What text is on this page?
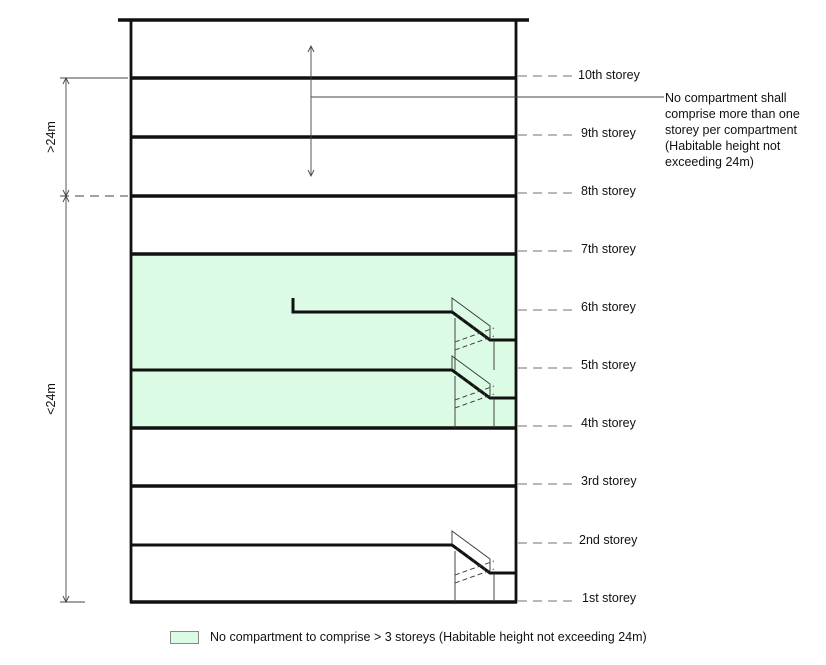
10th storey
9th storey
8th storey
7th storey
6th storey
5th storey
4th storey
3rd storey
2nd storey
1st storey
>24m
<24m
No compartment shall
comprise more than one
storey per compartment
(Habitable height not
exceeding 24m)
No compartment to comprise > 3 storeys (Habitable height not exceeding 24m)
